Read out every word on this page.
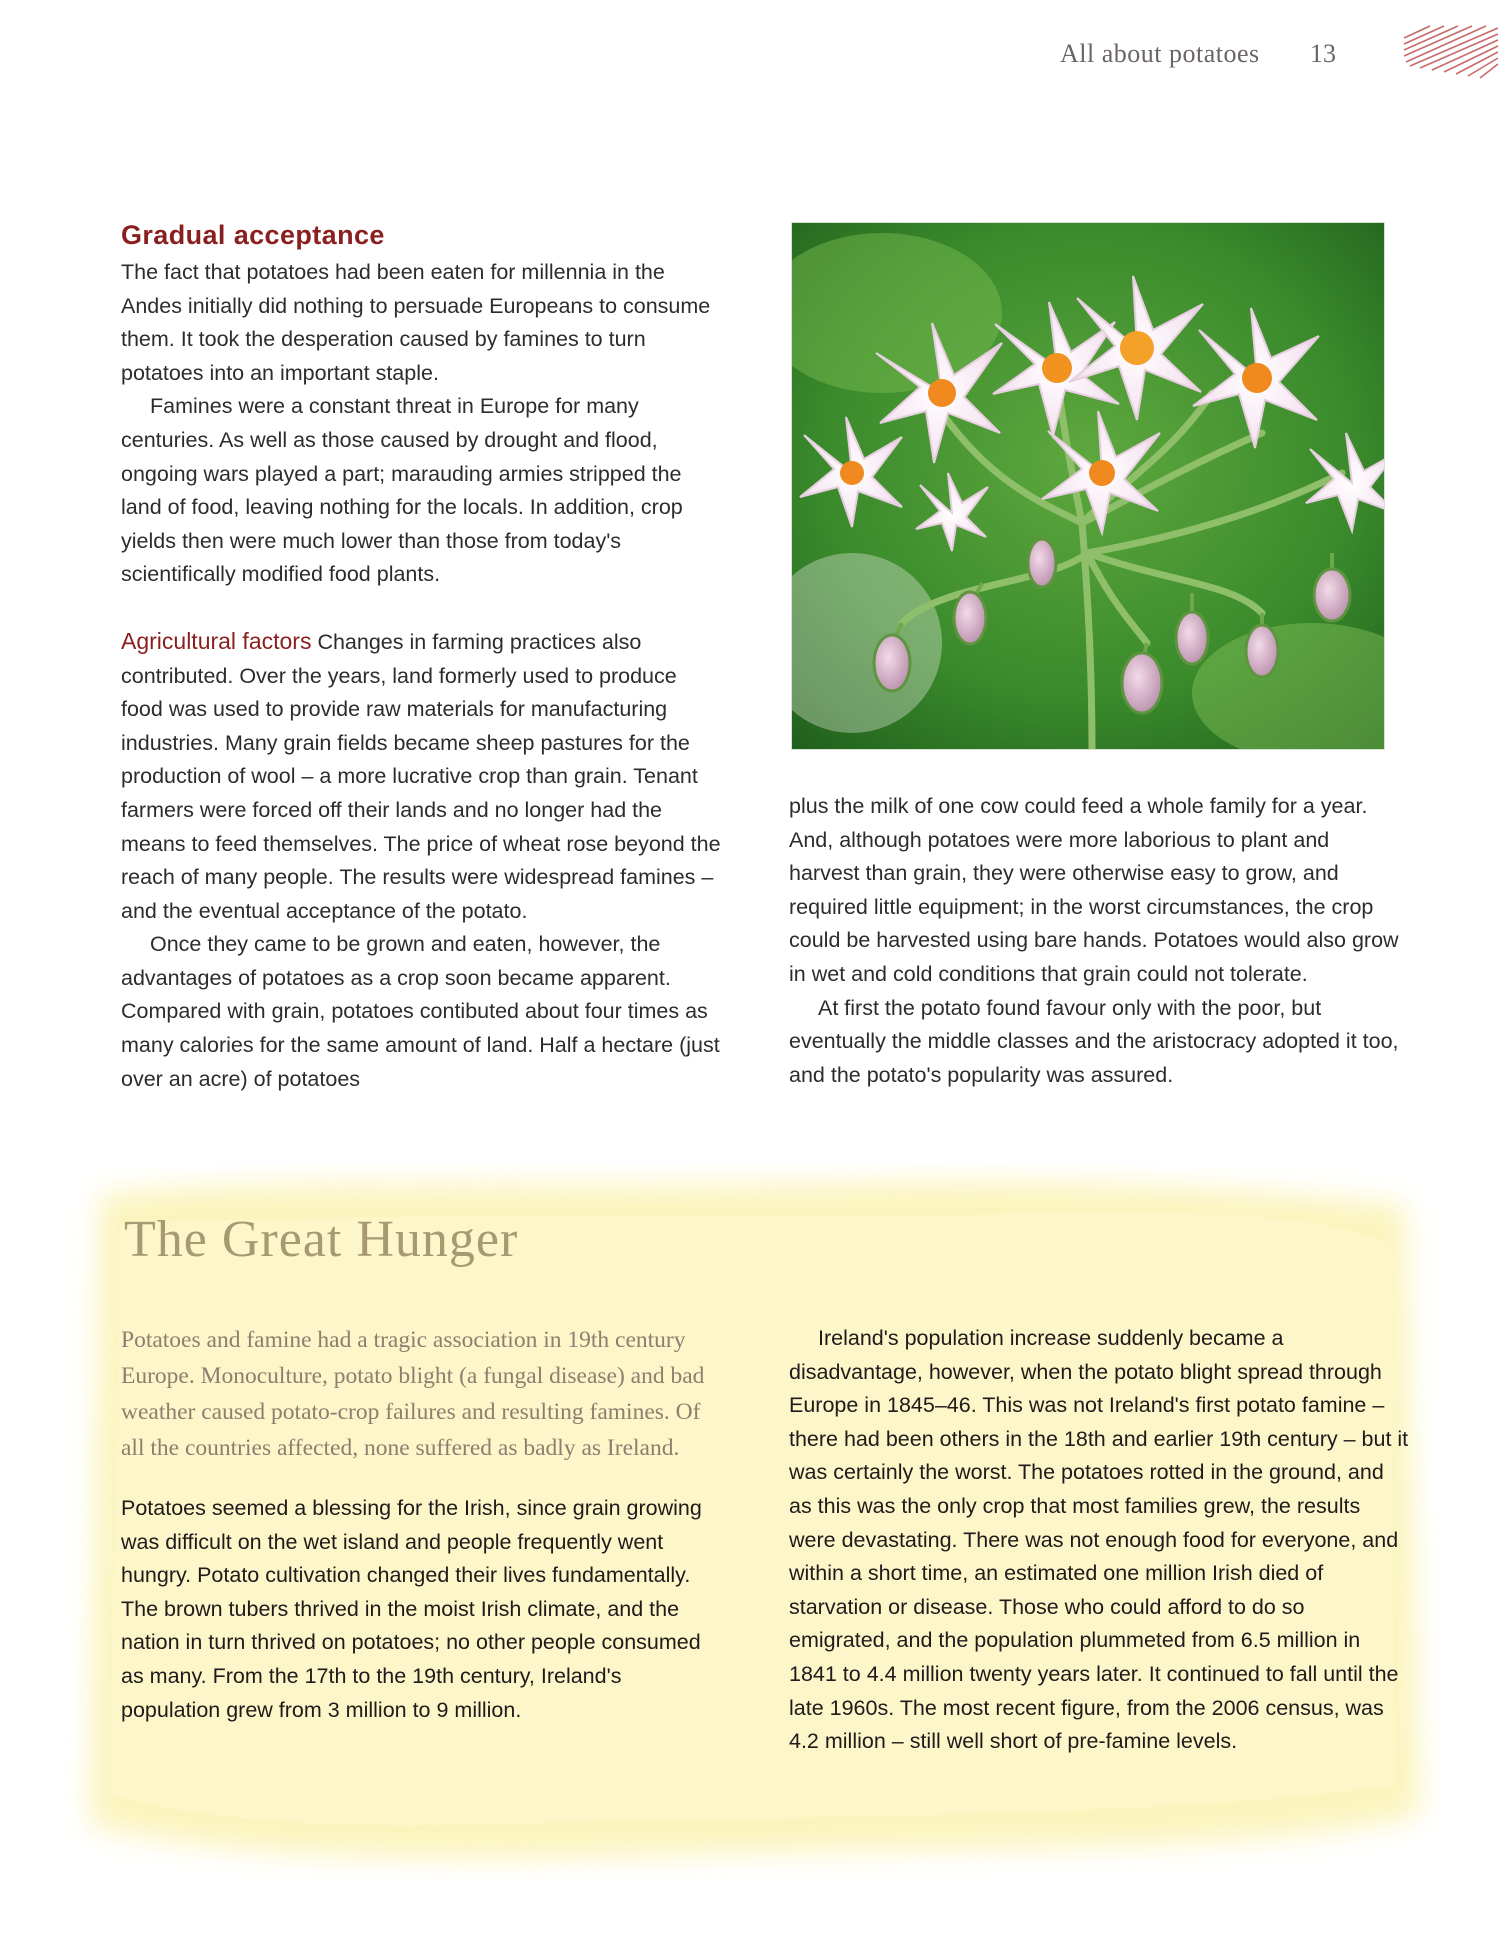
All about potatoes	13
Gradual acceptance

The fact that potatoes had been eaten for millennia in the Andes initially did nothing to persuade Europeans to consume them. It took the desperation caused by famines to turn potatoes into an important staple.

Famines were a constant threat in Europe for many centuries. As well as those caused by drought and flood, ongoing wars played a part; marauding armies stripped the land of food, leaving nothing for the locals. In addition, crop yields then were much lower than those from today's scientifically modified food plants.

Agricultural factors Changes in farming practices also contributed. Over the years, land formerly used to produce food was used to provide raw materials for manufacturing industries. Many grain fields became sheep pastures for the production of wool – a more lucrative crop than grain. Tenant farmers were forced off their lands and no longer had the means to feed themselves. The price of wheat rose beyond the reach of many people. The results were widespread famines – and the eventual acceptance of the potato.

Once they came to be grown and eaten, however, the advantages of potatoes as a crop soon became apparent. Compared with grain, potatoes contibuted about four times as many calories for the same amount of land. Half a hectare (just over an acre) of potatoes

plus the milk of one cow could feed a whole family for a year. And, although potatoes were more laborious to plant and harvest than grain, they were otherwise easy to grow, and required little equipment; in the worst circumstances, the crop could be harvested using bare hands. Potatoes would also grow in wet and cold conditions that grain could not tolerate.

At first the potato found favour only with the poor, but eventually the middle classes and the aristocracy adopted it too, and the potato's popularity was assured.

The Great Hunger

Potatoes and famine had a tragic association in 19th century Europe. Monoculture, potato blight (a fungal disease) and bad weather caused potato-crop failures and resulting famines. Of all the countries affected, none suffered as badly as Ireland.

Potatoes seemed a blessing for the Irish, since grain growing was difficult on the wet island and people frequently went hungry. Potato cultivation changed their lives fundamentally. The brown tubers thrived in the moist Irish climate, and the nation in turn thrived on potatoes; no other people consumed as many. From the 17th to the 19th century, Ireland's population grew from 3 million to 9 million.

Ireland's population increase suddenly became a disadvantage, however, when the potato blight spread through Europe in 1845–46. This was not Ireland's first potato famine – there had been others in the 18th and earlier 19th century – but it was certainly the worst. The potatoes rotted in the ground, and as this was the only crop that most families grew, the results were devastating. There was not enough food for everyone, and within a short time, an estimated one million Irish died of starvation or disease. Those who could afford to do so emigrated, and the population plummeted from 6.5 million in 1841 to 4.4 million twenty years later. It continued to fall until the late 1960s. The most recent figure, from the 2006 census, was 4.2 million – still well short of pre-famine levels.
